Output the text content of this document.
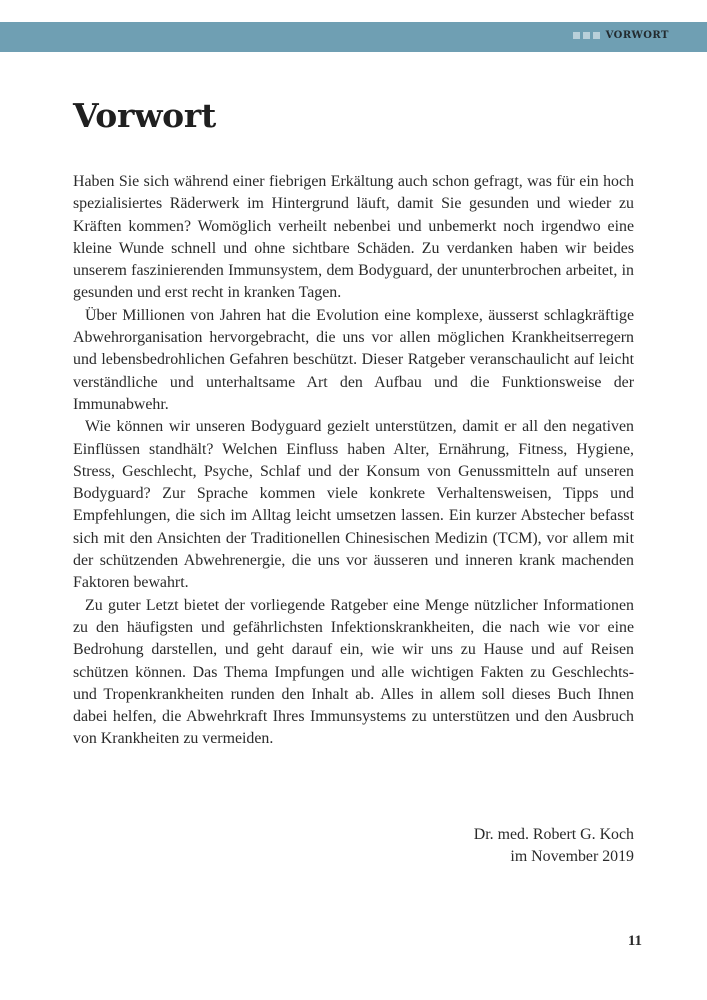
VORWORT
Vorwort

Haben Sie sich während einer fiebrigen Erkältung auch schon gefragt, was für ein hoch spezialisiertes Räderwerk im Hintergrund läuft, damit Sie gesunden und wieder zu Kräften kommen? Womöglich verheilt nebenbei und unbemerkt noch irgendwo eine kleine Wunde schnell und ohne sichtbare Schäden. Zu verdanken haben wir beides unserem faszinierenden Immunsystem, dem Bodyguard, der ununterbrochen arbeitet, in gesunden und erst recht in kranken Tagen.

Über Millionen von Jahren hat die Evolution eine komplexe, äusserst schlagkräftige Abwehrorganisation hervorgebracht, die uns vor allen möglichen Krankheitserregern und lebensbedrohlichen Gefahren beschützt. Dieser Ratgeber veranschaulicht auf leicht verständliche und unterhaltsame Art den Aufbau und die Funktionsweise der Immunabwehr.

Wie können wir unseren Bodyguard gezielt unterstützen, damit er all den negativen Einflüssen standhält? Welchen Einfluss haben Alter, Ernährung, Fitness, Hygiene, Stress, Geschlecht, Psyche, Schlaf und der Konsum von Genussmitteln auf unseren Bodyguard? Zur Sprache kommen viele konkrete Verhaltensweisen, Tipps und Empfehlungen, die sich im Alltag leicht umsetzen lassen. Ein kurzer Abstecher befasst sich mit den Ansichten der Traditionellen Chinesischen Medizin (TCM), vor allem mit der schützenden Abwehrenergie, die uns vor äusseren und inneren krank machenden Faktoren bewahrt.

Zu guter Letzt bietet der vorliegende Ratgeber eine Menge nützlicher Informationen zu den häufigsten und gefährlichsten Infektionskrankheiten, die nach wie vor eine Bedrohung darstellen, und geht darauf ein, wie wir uns zu Hause und auf Reisen schützen können. Das Thema Impfungen und alle wichtigen Fakten zu Geschlechts- und Tropenkrankheiten runden den Inhalt ab. Alles in allem soll dieses Buch Ihnen dabei helfen, die Abwehrkraft Ihres Immunsystems zu unterstützen und den Ausbruch von Krankheiten zu vermeiden.

Dr. med. Robert G. Koch
im November 2019
11
